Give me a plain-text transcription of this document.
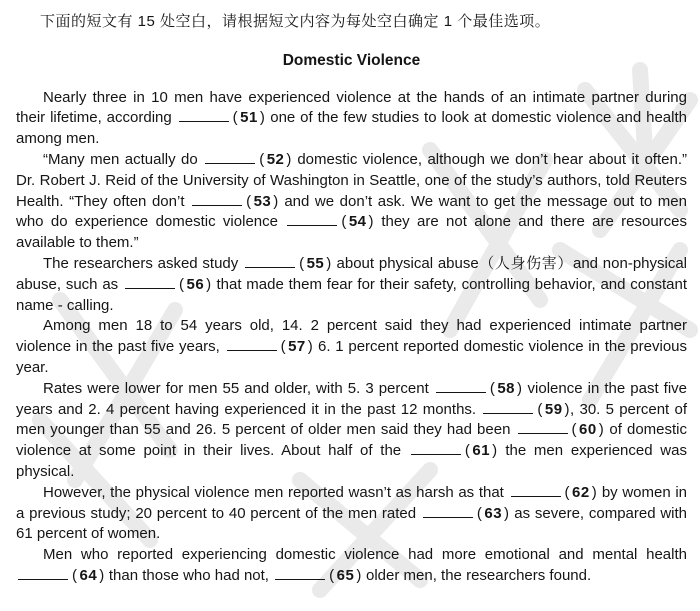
下面的短文有 15 处空白，请根据短文内容为每处空白确定 1 个最佳选项。
Domestic Violence

Nearly three in 10 men have experienced violence at the hands of an intimate partner during their lifetime, according	( 51 ) one of the few studies to look at domestic violence and health among men.

“Many men actually do	( 52 ) domestic violence, although we don’t hear about it often.” Dr. Robert J. Reid of the University of Washington in Seattle, one of the study’s authors, told Reuters Health. “They often don’t	( 53 ) and we don’t ask. We want to get the message out to men who do experience domestic violence	( 54 ) they are not alone and there are resources available to them.”

The researchers asked study	( 55 ) about physical abuse（人身伤害）and non-physical abuse, such as	( 56 ) that made them fear for their safety, controlling behavior, and constant name - calling.

Among men 18 to 54 years old, 14. 2 percent said they had experienced intimate partner violence in the past five years,	( 57 ) 6. 1 percent reported domestic violence in the previous year.

Rates were lower for men 55 and older, with 5. 3 percent	( 58 ) violence in the past five years and 2. 4 percent having experienced it in the past 12 months.	( 59 ), 30. 5 percent of men younger than 55 and 26. 5 percent of older men said they had been	( 60 ) of domestic violence at some point in their lives. About half of the	( 61 ) the men experienced was physical.

However, the physical violence men reported wasn’t as harsh as that	( 62 ) by women in a previous study; 20 percent to 40 percent of the men rated	( 63 ) as severe, compared with 61 percent of women.

Men who reported experiencing domestic violence had more emotional and mental health ( 64 ) than those who had not,	( 65 ) older men, the researchers found.
